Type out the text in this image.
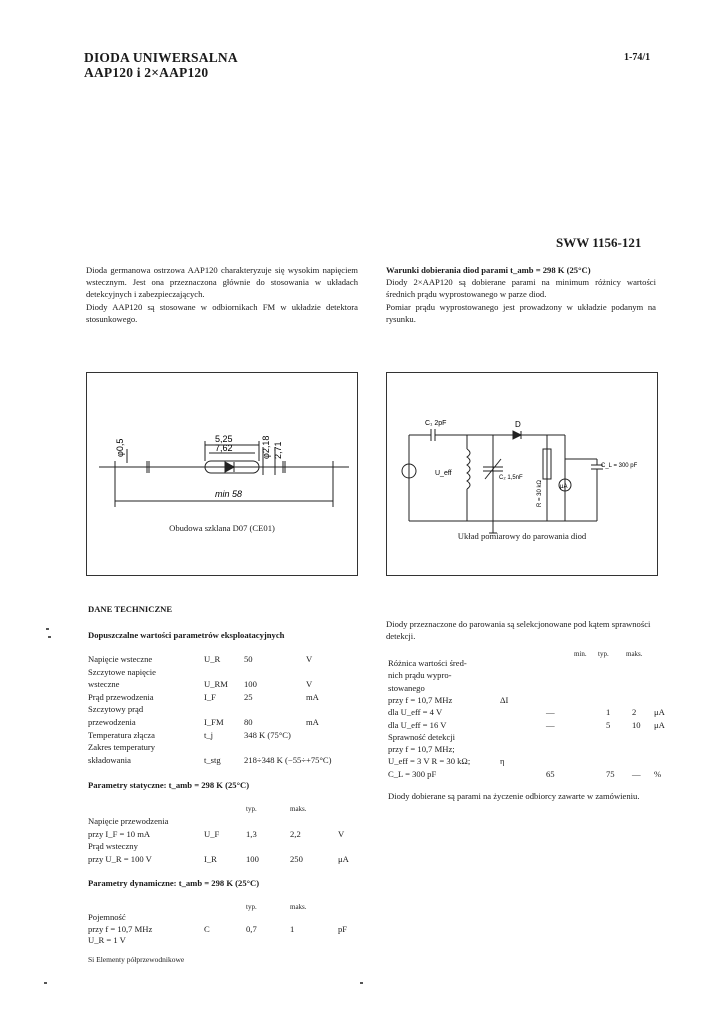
DIODA UNIWERSALNA
AAP120 i 2×AAP120
1-74/1
SWW 1156-121
Dioda germanowa ostrzowa AAP120 charakteryzuje się wysokim napięciem wstecznym. Jest ona przeznaczona głównie do stosowania w układach detekcyjnych i zabezpieczających.
Diody AAP120 są stosowane w odbiornikach FM w układzie detektora stosunkowego.
Warunki dobierania diod parami t_amb = 298 K (25°C)
Diody 2×AAP120 są dobierane parami na minimum różnicy wartości średnich prądu wyprostowanego w parze diod.
Pomiar prądu wyprostowanego jest prowadzony w układzie podanym na rysunku.
φ0,5	5,25
7,62	φ2,18 2,71
min 58
Obudowa szklana D07 (CE01)
C₁ 2pF	D
U_eff
C₂ 1,5nF
R = 30 kΩ
C_L = 300 pF
μA
Układ pomiarowy do parowania diod
DANE TECHNICZNE
Dopuszczalne wartości parametrów eksploatacyjnych
Napięcie wsteczne	U_R	50	V
Szczytowe napięcie
wsteczne	U_RM 100	V
Prąd przewodzenia	I_F	25	mA
Szczytowy prąd
przewodzenia	I_FM 80	mA
Temperatura złącza	t_j	348 K (75°C)
Zakres temperatury
składowania	t_stg	218÷348 K (−55÷+75°C)
Parametry statyczne: t_amb = 298 K (25°C)
typ.	maks.
Napięcie przewodzenia
przy I_F = 10 mA	U_F	1,3	2,2	V
Prąd wsteczny
przy U_R = 100 V	I_R	100	250	μA
Parametry dynamiczne: t_amb = 298 K (25°C)
typ.	maks.
Pojemność
przy f = 10,7 MHz	C	0,7	1	pF
U_R = 1 V
Si Elementy półprzewodnikowe
Diody przeznaczone do parowania są selekcjonowane pod kątem sprawności detekcji.
min. typ. maks.
Różnica wartości śred-
nich prądu wypro-
stowanego
przy f = 10,7 MHz	ΔI
dla U_eff = 4 V	—	1	2 μA
dla U_eff = 16 V	—	5	10 μA
Sprawność detekcji
przy f = 10,7 MHz;
U_eff = 3 V R = 30 kΩ;	η
C_L = 300 pF	65	75 — %
Diody dobierane są parami na życzenie odbiorcy zawarte w zamówieniu.
